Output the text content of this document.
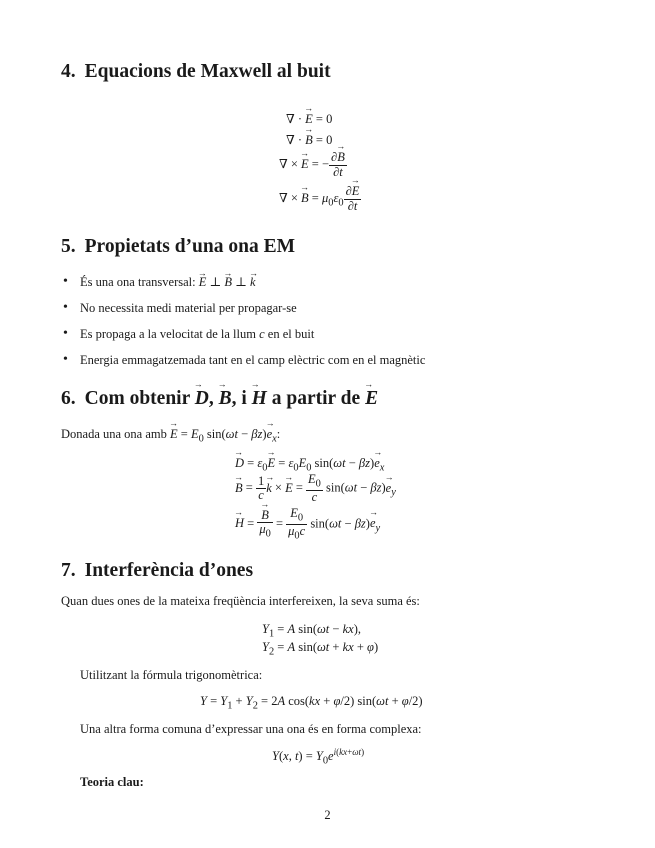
4. Equacions de Maxwell al buit
∇ · E → = 0
∇ · B → = 0
∇ × E → = − $\frac{\partial B \to}{\partial t}$
∇ × B → = $\mu_0\varepsilon_0 \frac{\partial E \to}{\partial t}$
5. Propietats d’una ona EM
• És una ona transversal: E → ⊥ B → ⊥ k →
• No necessita medi material per propagar-se
• Es propaga a la velocitat de la llum c en el buit
• Energia emmagatzemada tant en el camp elèctric com en el magnètic
6. Com obtenir D →, B →, i H → a partir de E →
Donada una ona amb E → = $E_0$ $\sin(\omega t - \beta z)e \to_x$:
D → = $\varepsilon_0E$ → = $\varepsilon_0E_0$ $\sin(\omega t - \beta z)e \to_x$
B → = $\frac{1}{c}$ k → × E → = $\frac{E_0}{c} \sin(\omega t - \beta z)e \to_y$
H → = $\frac{B \to}{\mu_0} = \frac{E_0}{\mu_0c} \sin(\omega t - \beta z)e \to_y$
7. Interferència d’ones
Quan dues ones de la mateixa freqüència interfereixen, la seva suma és:
$Y_1 = A$ sin(ωt − kx),
$Y_2 = A$ sin(ωt + kx + φ)
Utilitzant la fórmula trigonomètrica:
$Y = Y_1 + Y_2 = 2A$ cos(kx + φ/2) sin(ωt + φ/2)
Una altra forma comuna d’expressar una ona és en forma complexa:
Y(x, $t) = Y_0e^{i(kx+\omega t)}$
Teoria clau:
2
